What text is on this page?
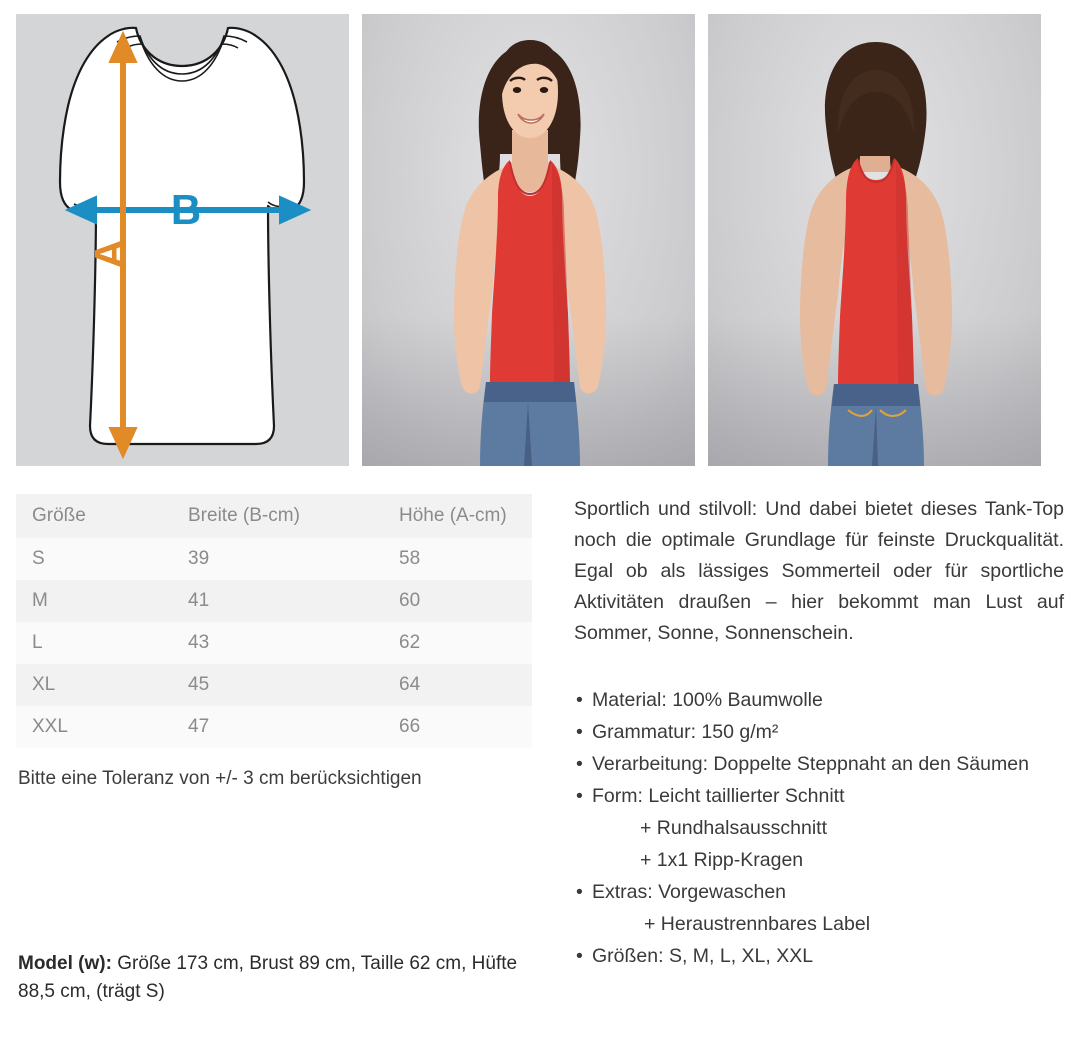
B
A
Größe	Breite (B-cm)	Höhe (A-cm)
S	39	58
M	41	60
L	43	62
XL	45	64
XXL	47	66
Bitte eine Toleranz von +/- 3 cm berücksichtigen

Sportlich und stilvoll: Und dabei bietet dieses Tank-Top noch die optimale Grundlage für feinste Druckqualität. Egal ob als lässiges Sommerteil oder für sportliche Aktivitäten draußen – hier bekommt man Lust auf Sommer, Sonne, Sonnenschein.

• Material: 100% Baumwolle
• Grammatur: 150 g/m²
• Verarbeitung: Doppelte Steppnaht an den Säumen
• Form: Leicht taillierter Schnitt
+ Rundhalsausschnitt
+ 1x1 Ripp-Kragen
• Extras: Vorgewaschen
+ Heraustrennbares Label
• Größen: S, M, L, XL, XXL
Model (w): Größe 173 cm, Brust 89 cm, Taille 62 cm, Hüfte 88,5 cm, (trägt S)
